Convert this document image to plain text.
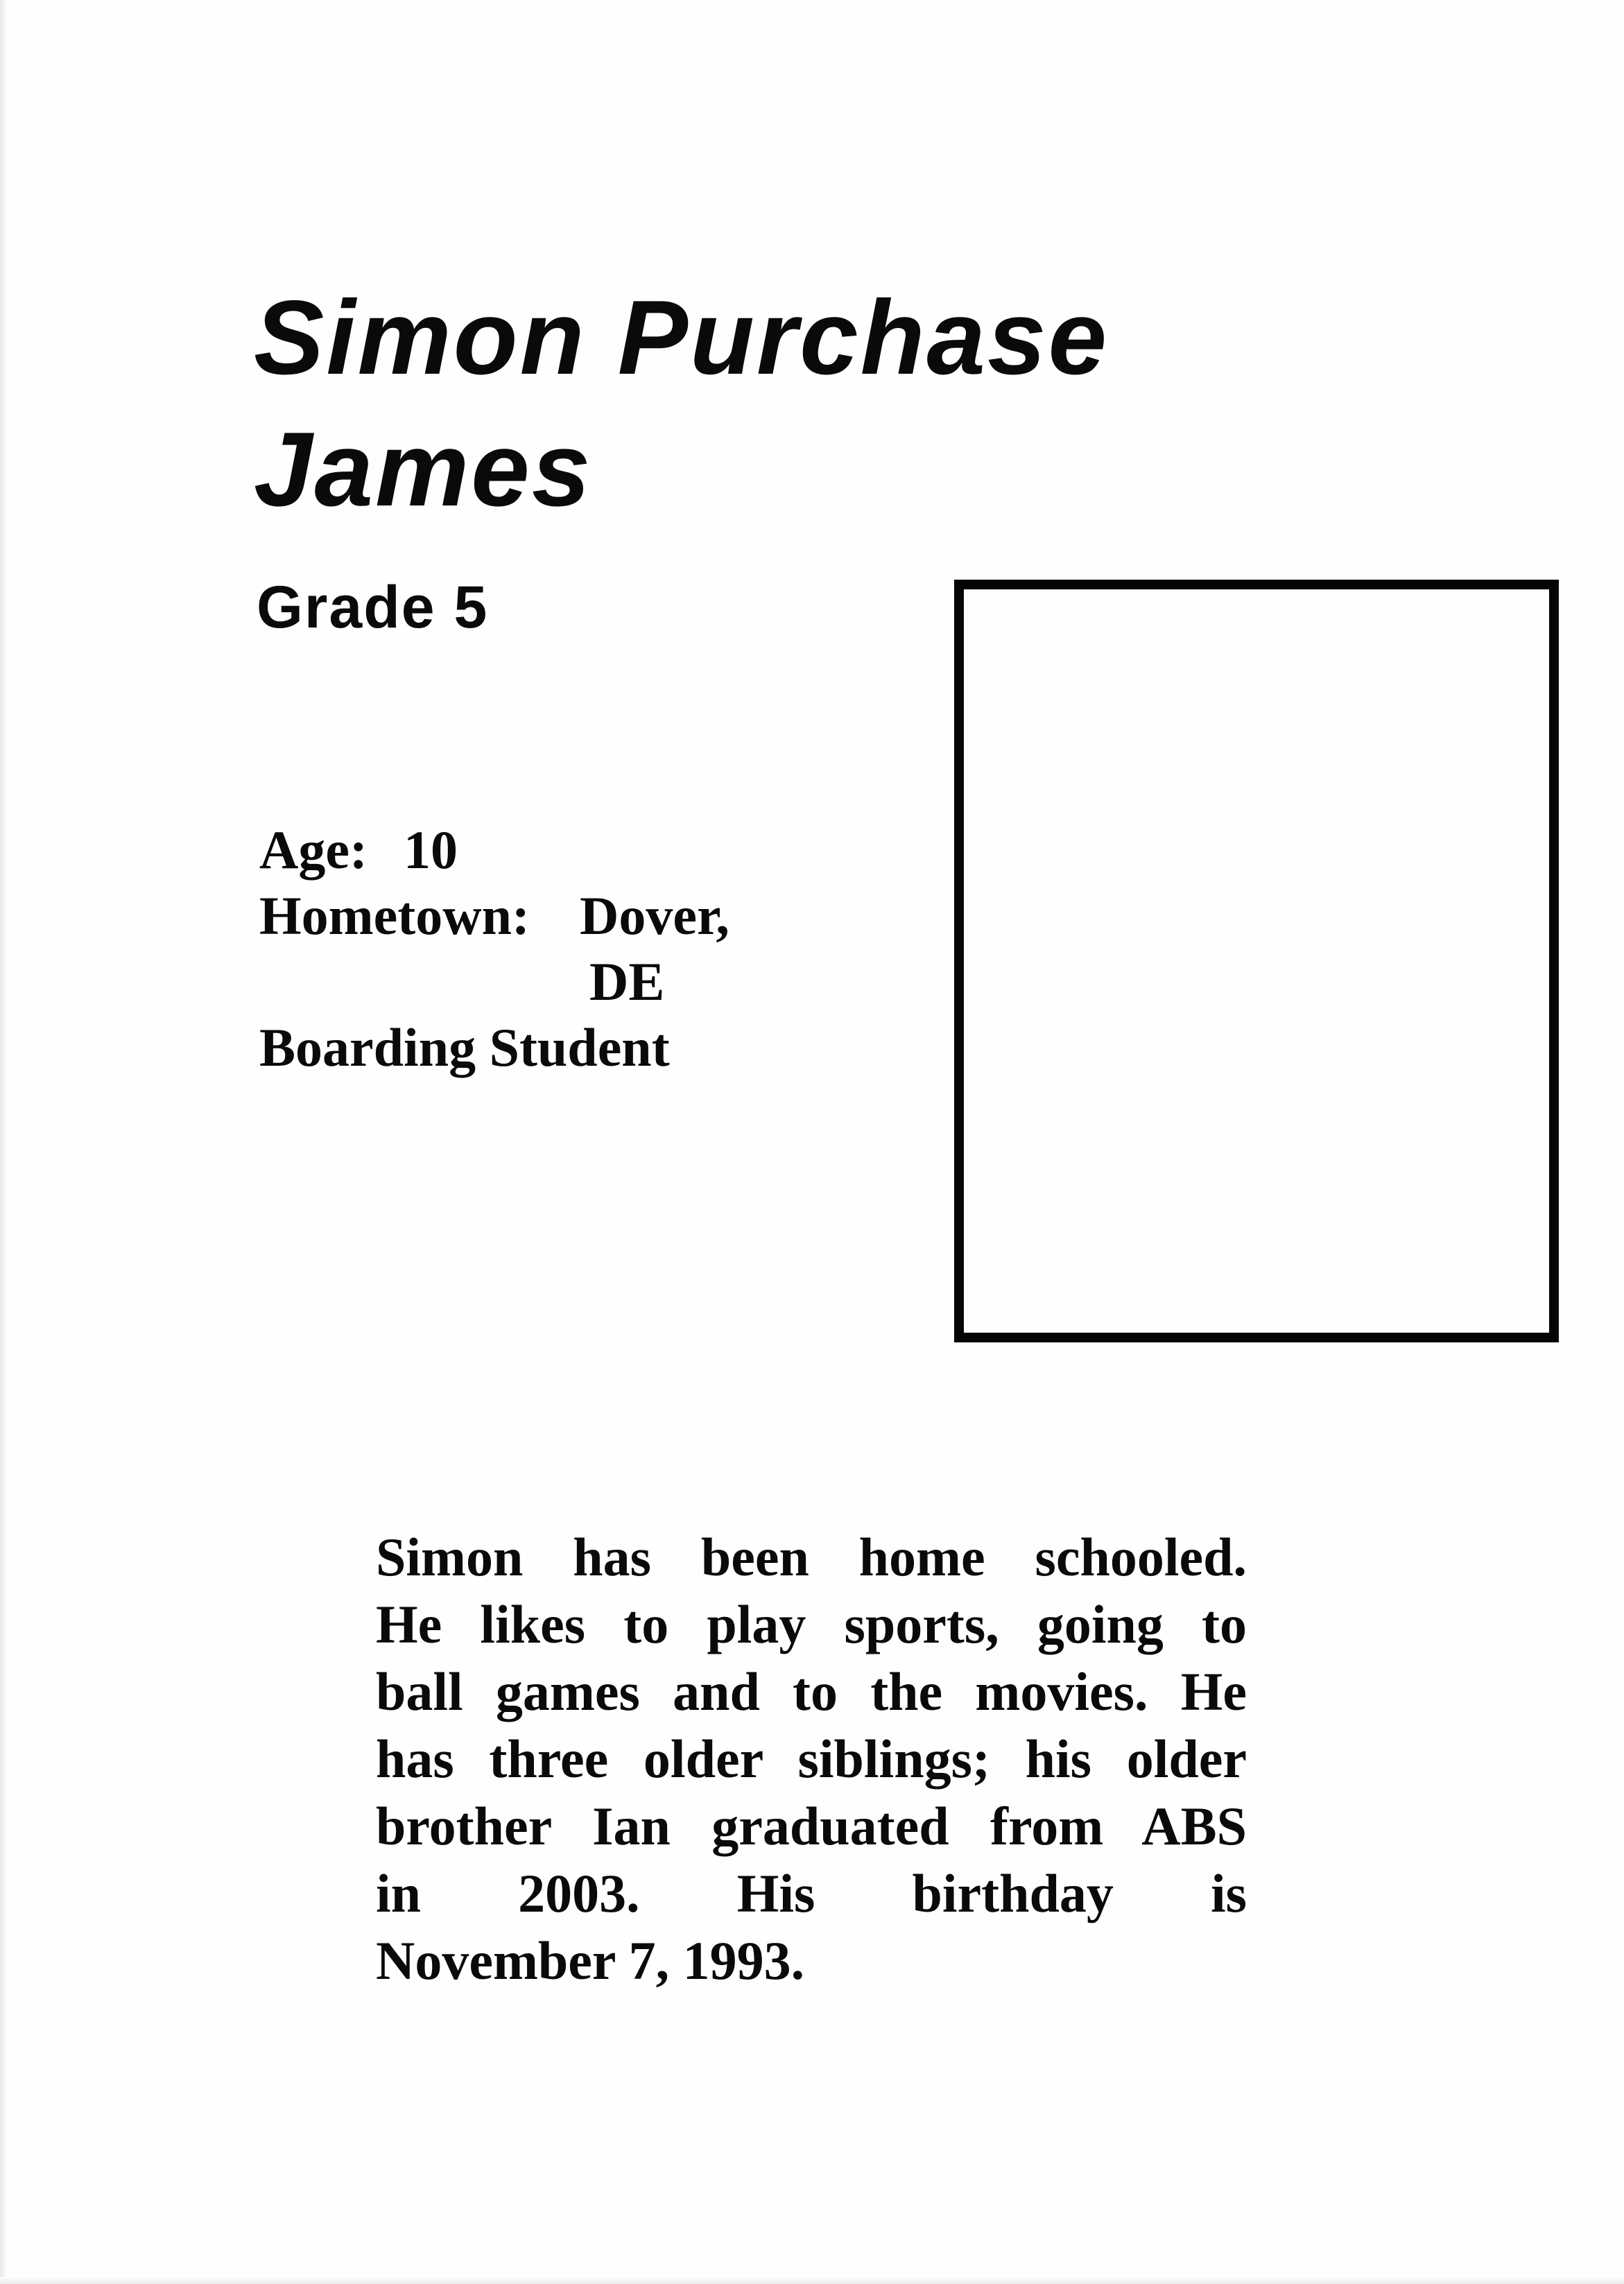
Simon Purchase
James
Grade 5
Age: 10
Hometown: Dover,
DE
Boarding Student
Simon has been home schooled.
He likes to play sports, going to
ball games and to the movies. He
has three older siblings; his older
brother Ian graduated from ABS
in 2003. His birthday is
November 7, 1993.
